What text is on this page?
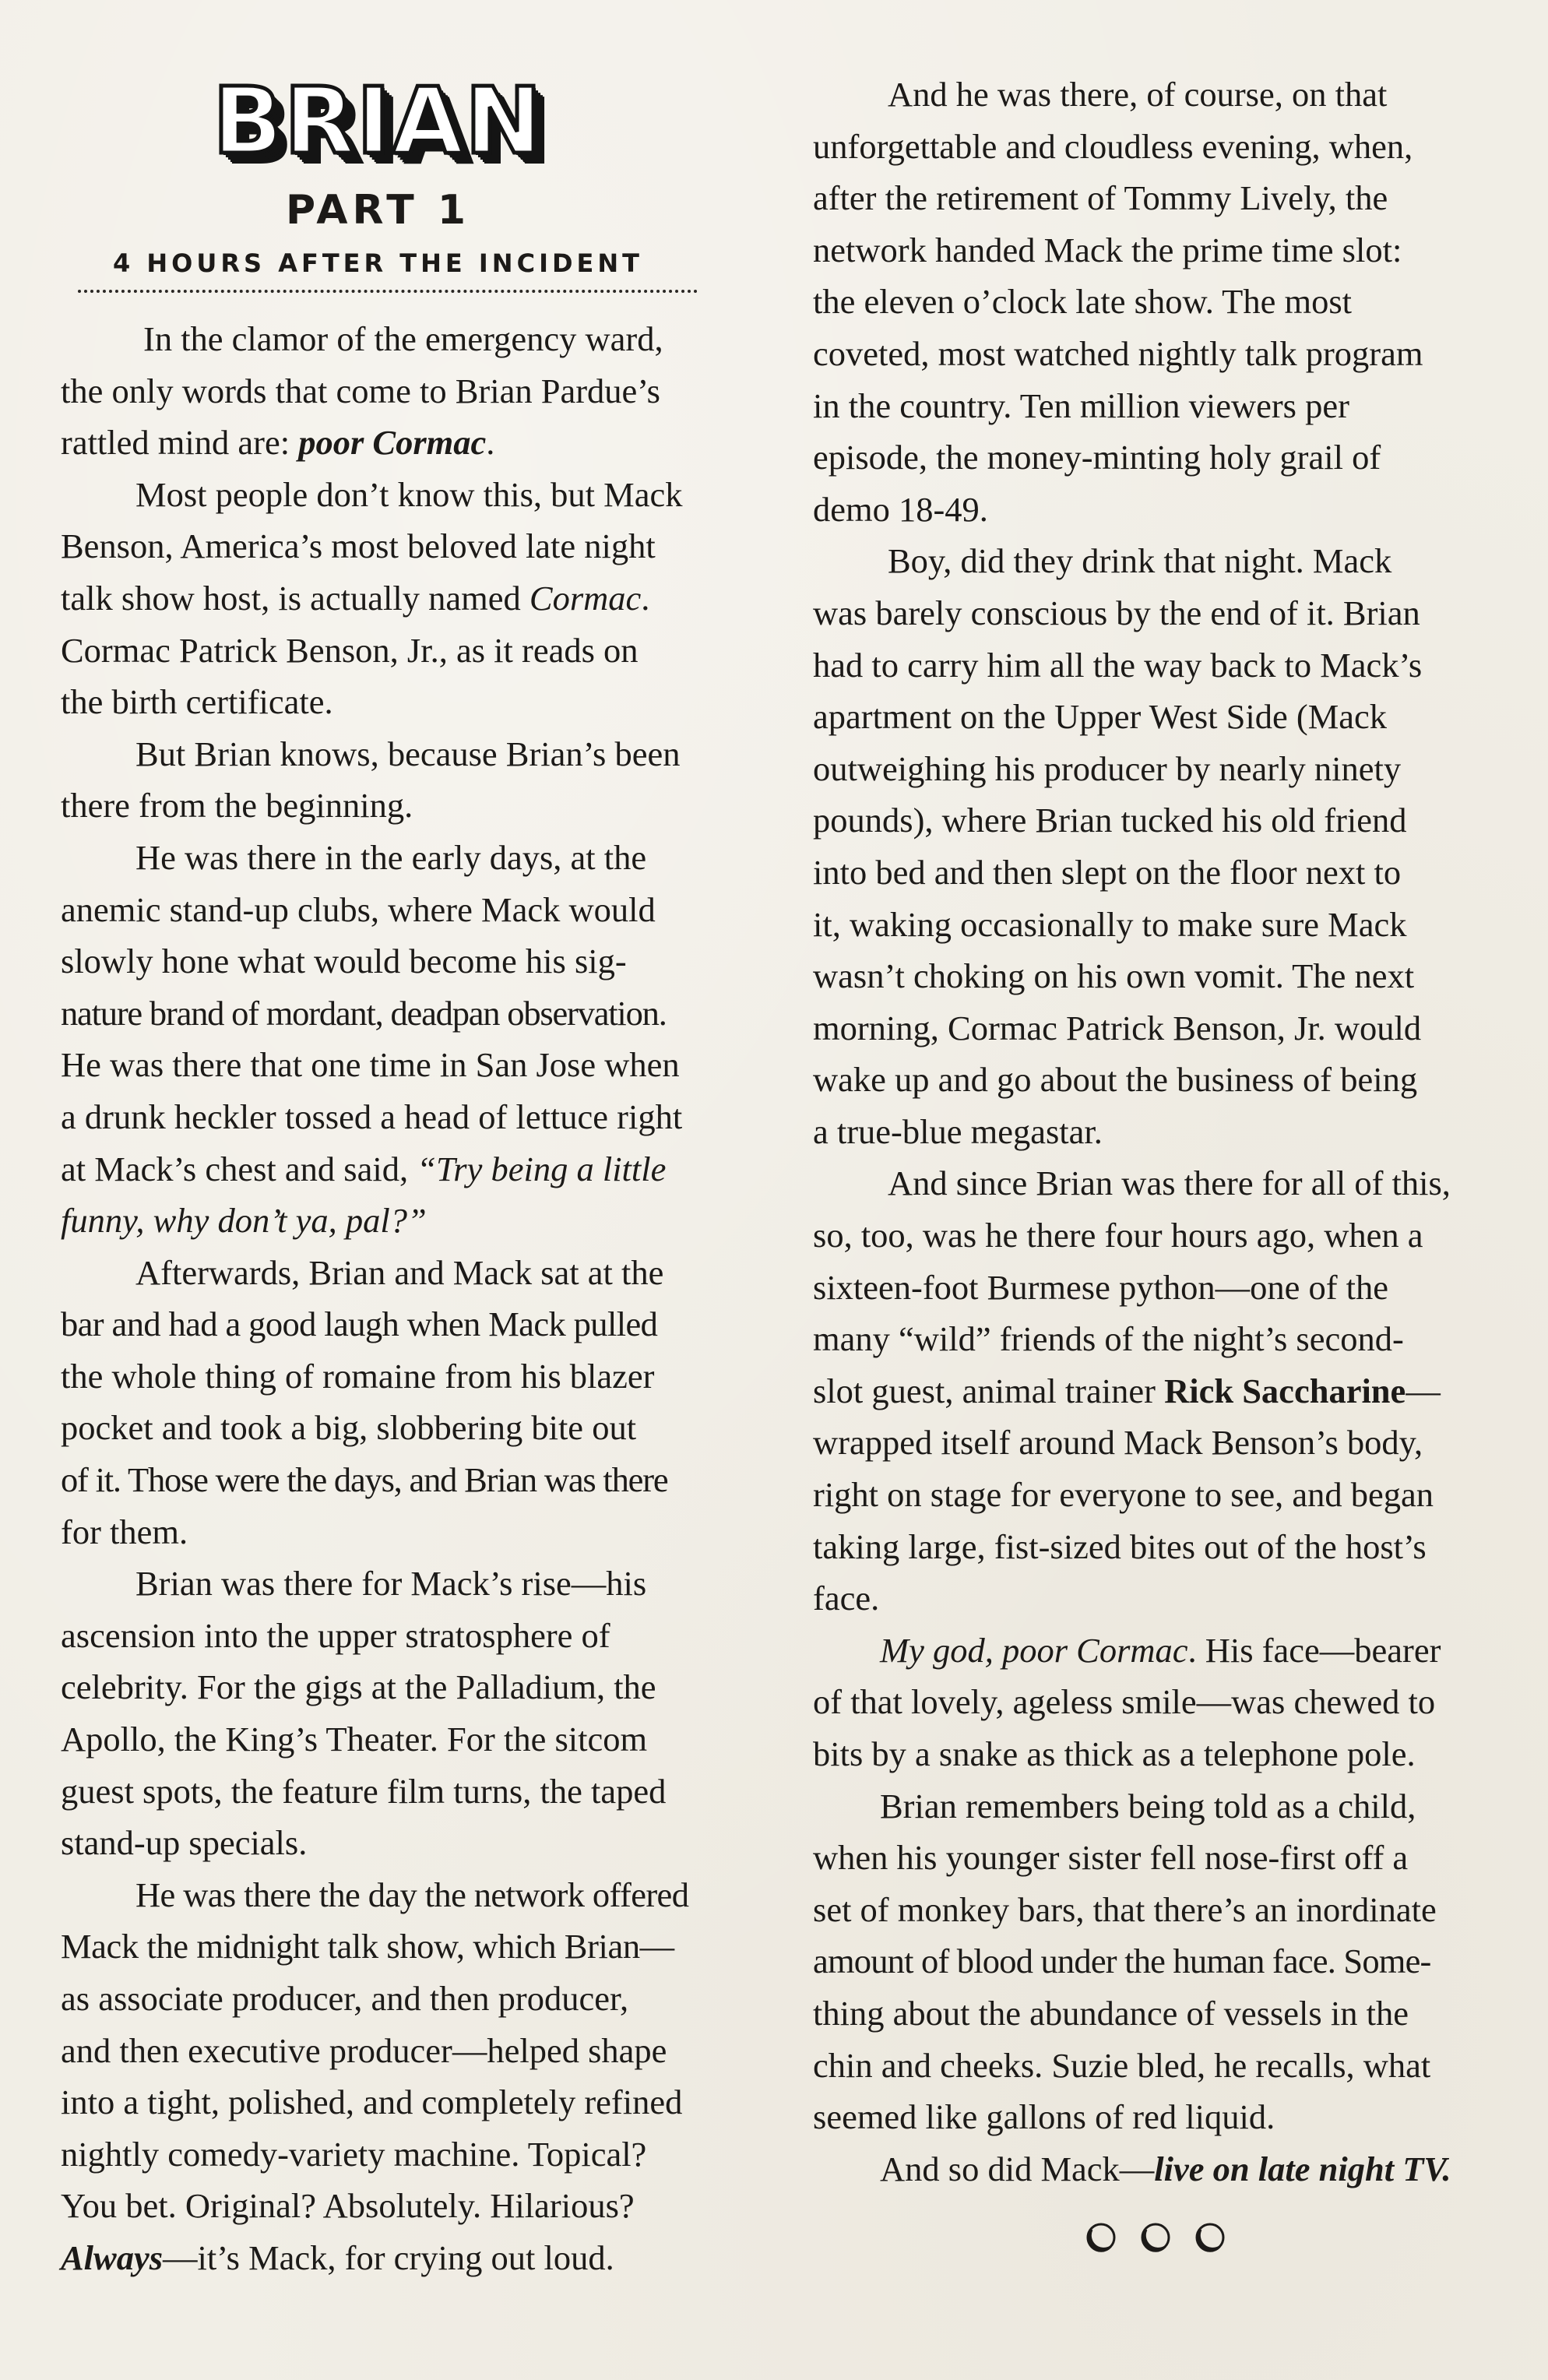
BRIAN
PART 1
4 HOURS AFTER THE INCIDENT
In the clamor of the emergency ward,
the only words that come to Brian Pardue’s
rattled mind are: poor Cormac.
Most people don’t know this, but Mack
Benson, America’s most beloved late night
talk show host, is actually named Cormac.
Cormac Patrick Benson, Jr., as it reads on
the birth certificate.
But Brian knows, because Brian’s been
there from the beginning.
He was there in the early days, at the
anemic stand-up clubs, where Mack would
slowly hone what would become his sig-
nature brand of mordant, deadpan observation.
He was there that one time in San Jose when
a drunk heckler tossed a head of lettuce right
at Mack’s chest and said, “Try being a little
funny, why don’t ya, pal?”
Afterwards, Brian and Mack sat at the
bar and had a good laugh when Mack pulled
the whole thing of romaine from his blazer
pocket and took a big, slobbering bite out
of it. Those were the days, and Brian was there
for them.
Brian was there for Mack’s rise—his
ascension into the upper stratosphere of
celebrity. For the gigs at the Palladium, the
Apollo, the King’s Theater. For the sitcom
guest spots, the feature film turns, the taped
stand-up specials.
He was there the day the network offered
Mack the midnight talk show, which Brian—
as associate producer, and then producer,
and then executive producer—helped shape
into a tight, polished, and completely refined
nightly comedy-variety machine. Topical?
You bet. Original? Absolutely. Hilarious?
Always—it’s Mack, for crying out loud.
And he was there, of course, on that
unforgettable and cloudless evening, when,
after the retirement of Tommy Lively, the
network handed Mack the prime time slot:
the eleven o’clock late show. The most
coveted, most watched nightly talk program
in the country. Ten million viewers per
episode, the money-minting holy grail of
demo 18-49.
Boy, did they drink that night. Mack
was barely conscious by the end of it. Brian
had to carry him all the way back to Mack’s
apartment on the Upper West Side (Mack
outweighing his producer by nearly ninety
pounds), where Brian tucked his old friend
into bed and then slept on the floor next to
it, waking occasionally to make sure Mack
wasn’t choking on his own vomit. The next
morning, Cormac Patrick Benson, Jr. would
wake up and go about the business of being
a true-blue megastar.
And since Brian was there for all of this,
so, too, was he there four hours ago, when a
sixteen-foot Burmese python—one of the
many “wild” friends of the night’s second-
slot guest, animal trainer Rick Saccharine—
wrapped itself around Mack Benson’s body,
right on stage for everyone to see, and began
taking large, fist-sized bites out of the host’s
face.
My god, poor Cormac. His face—bearer
of that lovely, ageless smile—was chewed to
bits by a snake as thick as a telephone pole.
Brian remembers being told as a child,
when his younger sister fell nose-first off a
set of monkey bars, that there’s an inordinate
amount of blood under the human face. Some-
thing about the abundance of vessels in the
chin and cheeks. Suzie bled, he recalls, what
seemed like gallons of red liquid.
And so did Mack—live on late night TV.
